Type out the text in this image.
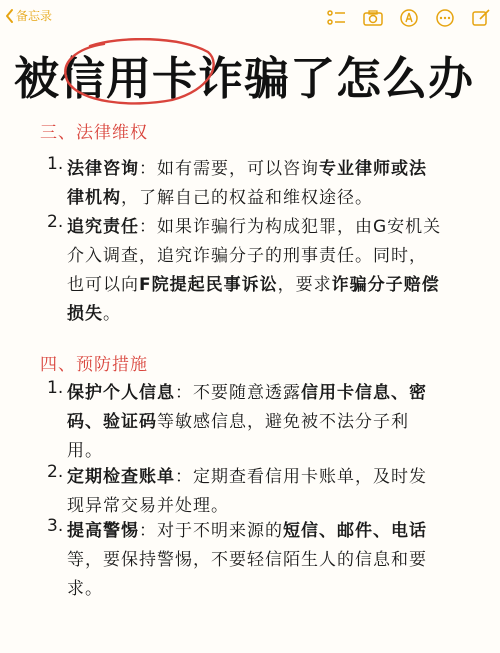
备忘录
被信用卡诈骗了怎么办
三、法律维权
1. 法律咨询：如有需要，可以咨询专业律师或法
律机构，了解自己的权益和维权途径。
2. 追究责任：如果诈骗行为构成犯罪，由G安机关
介入调查，追究诈骗分子的刑事责任。同时，
也可以向F院提起民事诉讼，要求诈骗分子赔偿
损失。
四、预防措施
1. 保护个人信息：不要随意透露信用卡信息、密
码、验证码等敏感信息，避免被不法分子利
用。
2. 定期检查账单：定期查看信用卡账单，及时发
现异常交易并处理。
3. 提高警惕：对于不明来源的短信、邮件、电话
等，要保持警惕，不要轻信陌生人的信息和要
求。
